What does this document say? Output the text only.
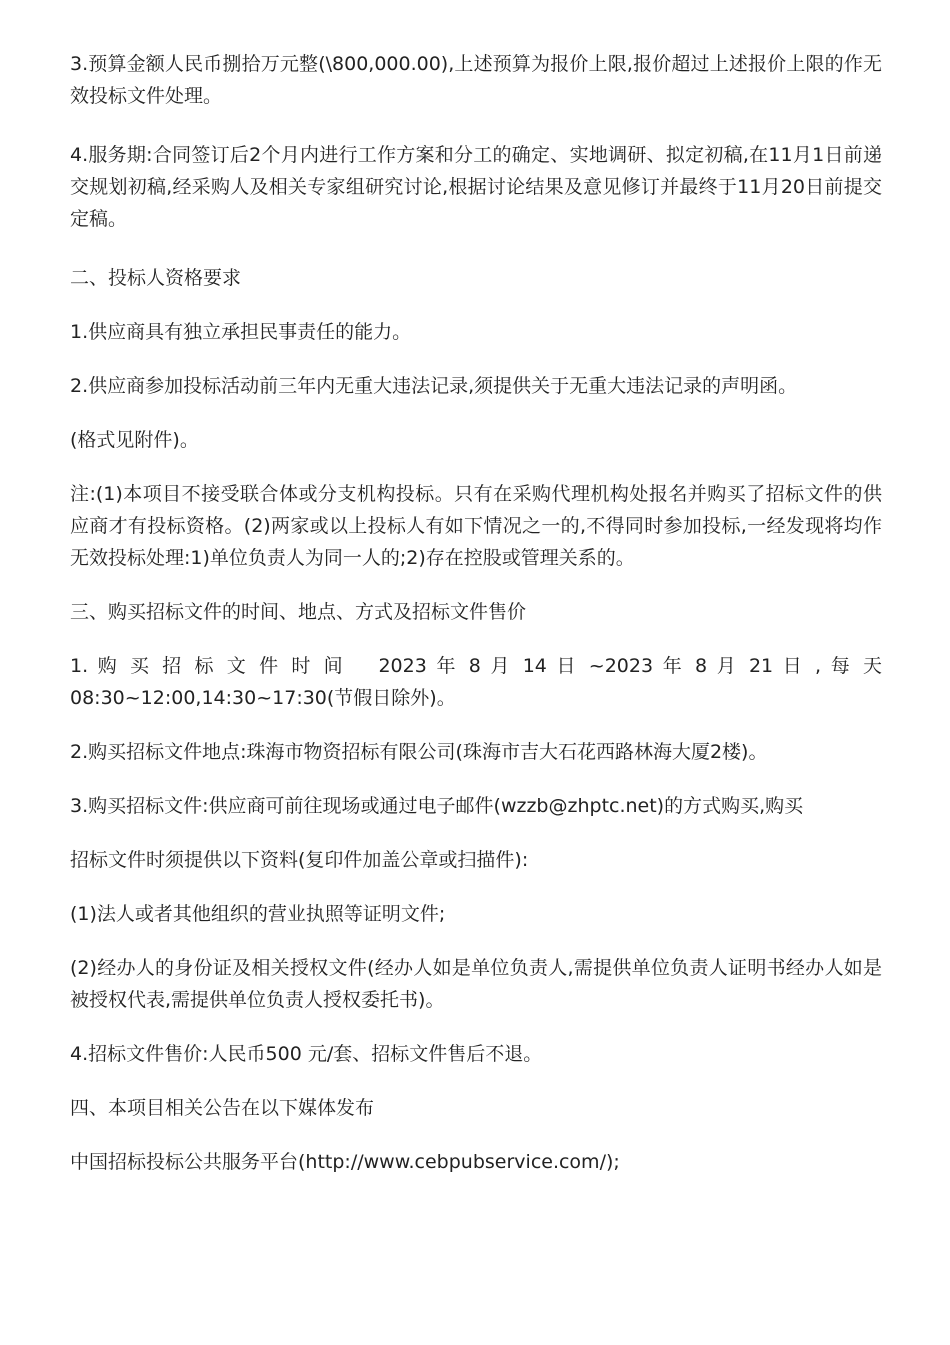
3.预算金额人民币捌拾万元整(\800,000.00),上述预算为报价上限,报价超过上述报价上限的作无效投标文件处理。

4.服务期:合同签订后2个月内进行工作方案和分工的确定、实地调研、拟定初稿,在11月1日前递交规划初稿,经采购人及相关专家组研究讨论,根据讨论结果及意见修订并最终于11月20日前提交定稿。

二、投标人资格要求

1.供应商具有独立承担民事责任的能力。

2.供应商参加投标活动前三年内无重大违法记录,须提供关于无重大违法记录的声明函。

(格式见附件)。

注:(1)本项目不接受联合体或分支机构投标。只有在采购代理机构处报名并购买了招标文件的供应商才有投标资格。(2)两家或以上投标人有如下情况之一的,不得同时参加投标,一经发现将均作无效投标处理:1)单位负责人为同一人的;2)存在控股或管理关系的。

三、购买招标文件的时间、地点、方式及招标文件售价

1. 购 买 招 标 文 件 时 间　 2023 年 8 月 14 日 ~2023 年 8 月 21 日 , 每 天

08:30~12:00,14:30~17:30(节假日除外)。

2.购买招标文件地点:珠海市物资招标有限公司(珠海市吉大石花西路林海大厦2楼)。

3.购买招标文件:供应商可前往现场或通过电子邮件(wzzb@zhptc.net)的方式购买,购买

招标文件时须提供以下资料(复印件加盖公章或扫描件):

(1)法人或者其他组织的营业执照等证明文件;

(2)经办人的身份证及相关授权文件(经办人如是单位负责人,需提供单位负责人证明书经办人如是被授权代表,需提供单位负责人授权委托书)。

4.招标文件售价:人民币500 元/套、招标文件售后不退。

四、本项目相关公告在以下媒体发布

中国招标投标公共服务平台(http://www.cebpubservice.com/);
